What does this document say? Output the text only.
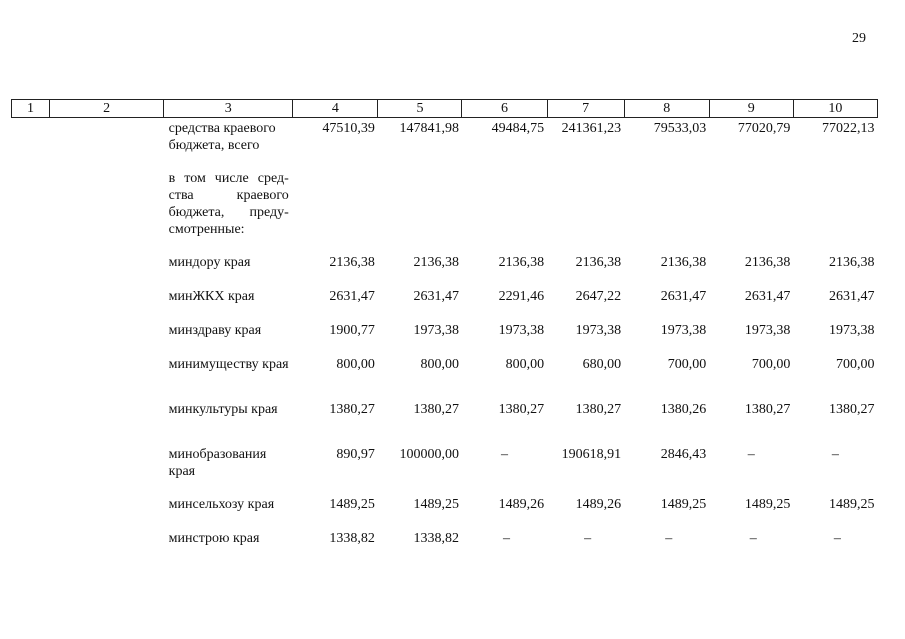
29
1	2	3	4	5	6	7	8	9	10
		средства краевого бюджета, всего	47510,39	147841,98	49484,75	241361,23	79533,03	77020,79	77022,13
		в том числе сред-ства краевого бюджета, преду-смотренные:							
		миндору края	2136,38	2136,38	2136,38	2136,38	2136,38	2136,38	2136,38
		минЖКХ края	2631,47	2631,47	2291,46	2647,22	2631,47	2631,47	2631,47
		минздраву края	1900,77	1973,38	1973,38	1973,38	1973,38	1973,38	1973,38
		минимуществу края	800,00	800,00	800,00	680,00	700,00	700,00	700,00
		минкультуры края	1380,27	1380,27	1380,27	1380,27	1380,26	1380,27	1380,27
		минобразования края	890,97	100000,00	–	190618,91	2846,43	–	–
		минсельхозу края	1489,25	1489,25	1489,26	1489,26	1489,25	1489,25	1489,25
		минстрою края	1338,82	1338,82	–	–	–	–	–
